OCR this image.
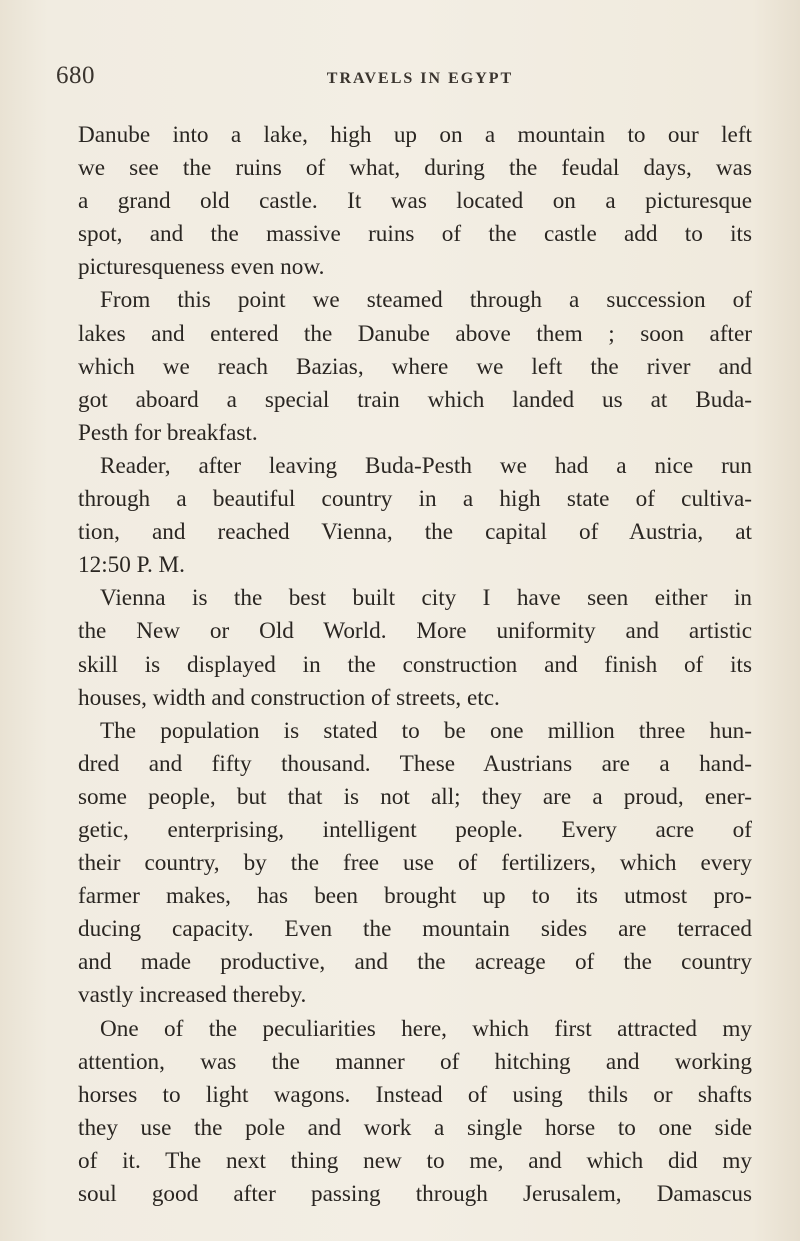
680	TRAVELS IN EGYPT
Danube into a lake, high up on a mountain to our left
we see the ruins of what, during the feudal days, was
a grand old castle. It was located on a picturesque
spot, and the massive ruins of the castle add to its
picturesqueness even now.
From this point we steamed through a succession of
lakes and entered the Danube above them ; soon after
which we reach Bazias, where we left the river and
got aboard a special train which landed us at Buda-
Pesth for breakfast.
Reader, after leaving Buda-Pesth we had a nice run
through a beautiful country in a high state of cultiva-
tion, and reached Vienna, the capital of Austria, at
12:50 P. M.
Vienna is the best built city I have seen either in
the New or Old World. More uniformity and artistic
skill is displayed in the construction and finish of its
houses, width and construction of streets, etc.
The population is stated to be one million three hun-
dred and fifty thousand. These Austrians are a hand-
some people, but that is not all; they are a proud, ener-
getic, enterprising, intelligent people. Every acre of
their country, by the free use of fertilizers, which every
farmer makes, has been brought up to its utmost pro-
ducing capacity. Even the mountain sides are terraced
and made productive, and the acreage of the country
vastly increased thereby.
One of the peculiarities here, which first attracted my
attention, was the manner of hitching and working
horses to light wagons. Instead of using thils or shafts
they use the pole and work a single horse to one side
of it. The next thing new to me, and which did my
soul good after passing through Jerusalem, Damascus
